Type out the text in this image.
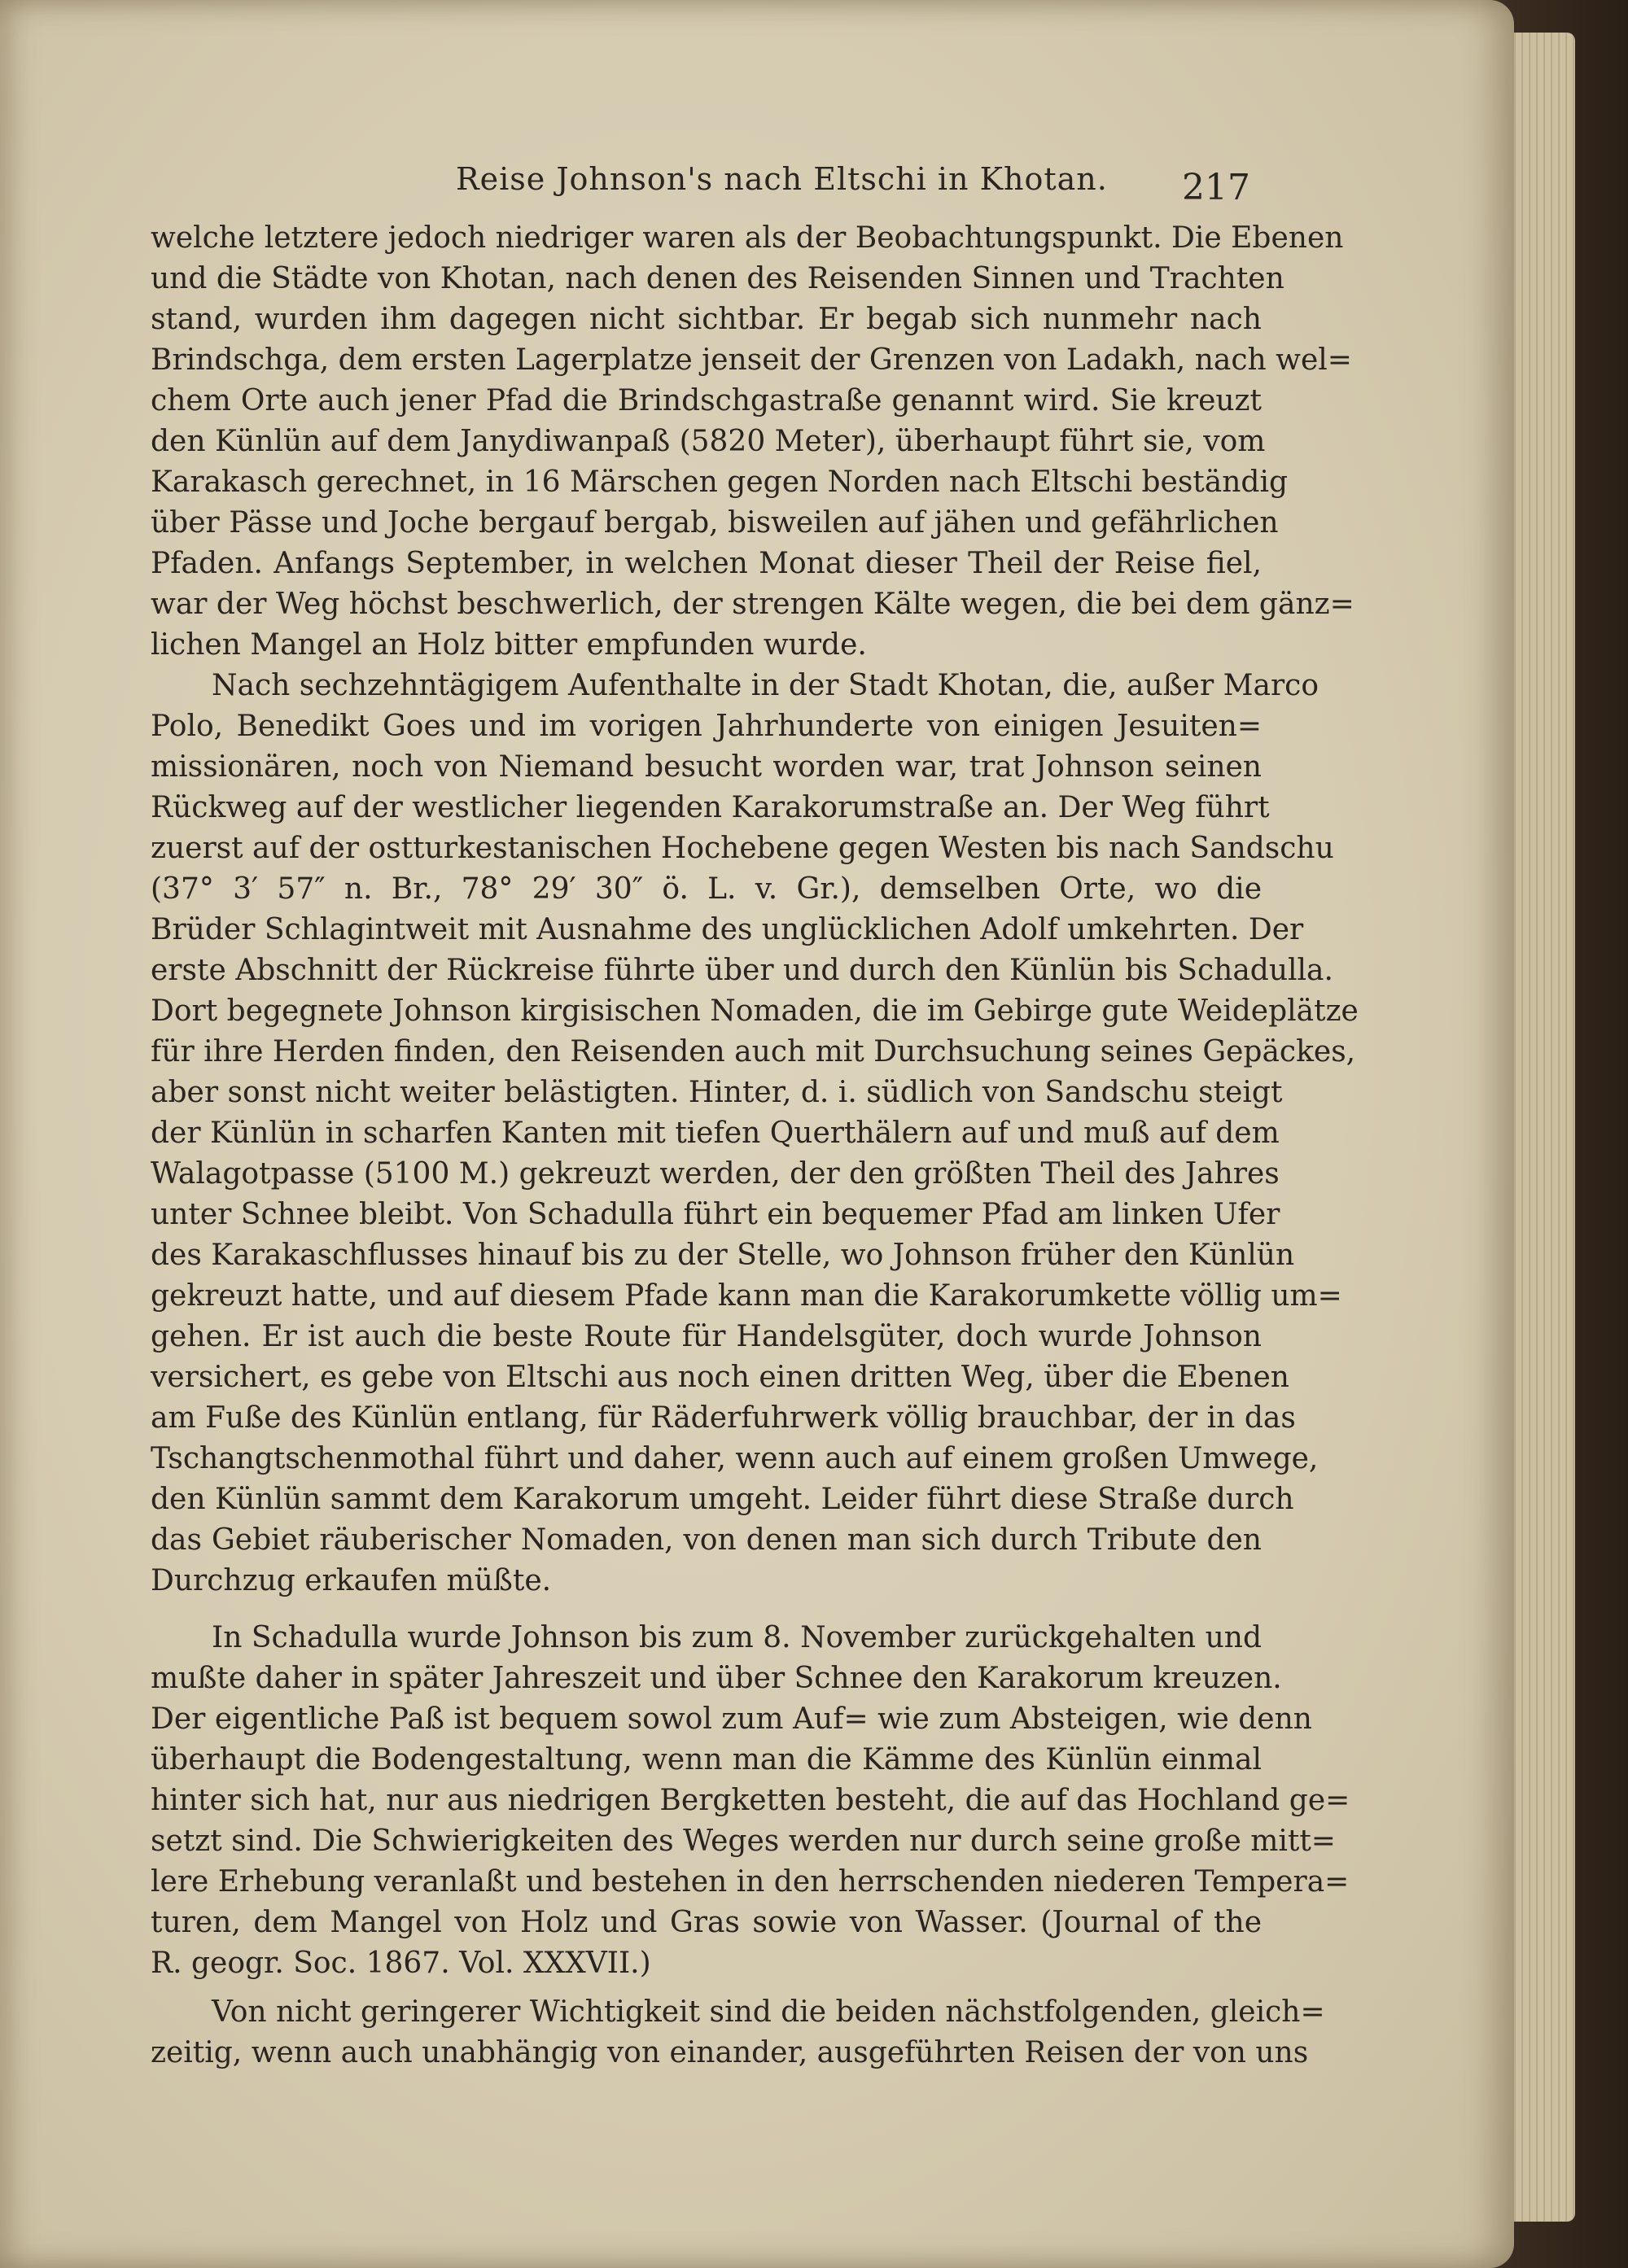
Reise Johnson's nach Eltschi in Khotan. 217
welche letztere jedoch niedriger waren als der Beobachtungspunkt. Die Ebenen
und die Städte von Khotan, nach denen des Reisenden Sinnen und Trachten
stand, wurden ihm dagegen nicht sichtbar. Er begab sich nunmehr nach
Brindschga, dem ersten Lagerplatze jenseit der Grenzen von Ladakh, nach wel=
chem Orte auch jener Pfad die Brindschgastraße genannt wird. Sie kreuzt
den Künlün auf dem Janydiwanpaß (5820 Meter), überhaupt führt sie, vom
Karakasch gerechnet, in 16 Märschen gegen Norden nach Eltschi beständig
über Pässe und Joche bergauf bergab, bisweilen auf jähen und gefährlichen
Pfaden. Anfangs September, in welchen Monat dieser Theil der Reise fiel,
war der Weg höchst beschwerlich, der strengen Kälte wegen, die bei dem gänz=
lichen Mangel an Holz bitter empfunden wurde.
Nach sechzehntägigem Aufenthalte in der Stadt Khotan, die, außer Marco
Polo, Benedikt Goes und im vorigen Jahrhunderte von einigen Jesuiten=
missionären, noch von Niemand besucht worden war, trat Johnson seinen
Rückweg auf der westlicher liegenden Karakorumstraße an. Der Weg führt
zuerst auf der ostturkestanischen Hochebene gegen Westen bis nach Sandschu
(37° 3′ 57″ n. Br., 78° 29′ 30″ ö. L. v. Gr.), demselben Orte, wo die
Brüder Schlagintweit mit Ausnahme des unglücklichen Adolf umkehrten. Der
erste Abschnitt der Rückreise führte über und durch den Künlün bis Schadulla.
Dort begegnete Johnson kirgisischen Nomaden, die im Gebirge gute Weideplätze
für ihre Herden finden, den Reisenden auch mit Durchsuchung seines Gepäckes,
aber sonst nicht weiter belästigten. Hinter, d. i. südlich von Sandschu steigt
der Künlün in scharfen Kanten mit tiefen Querthälern auf und muß auf dem
Walagotpasse (5100 M.) gekreuzt werden, der den größten Theil des Jahres
unter Schnee bleibt. Von Schadulla führt ein bequemer Pfad am linken Ufer
des Karakaschflusses hinauf bis zu der Stelle, wo Johnson früher den Künlün
gekreuzt hatte, und auf diesem Pfade kann man die Karakorumkette völlig um=
gehen. Er ist auch die beste Route für Handelsgüter, doch wurde Johnson
versichert, es gebe von Eltschi aus noch einen dritten Weg, über die Ebenen
am Fuße des Künlün entlang, für Räderfuhrwerk völlig brauchbar, der in das
Tschangtschenmothal führt und daher, wenn auch auf einem großen Umwege,
den Künlün sammt dem Karakorum umgeht. Leider führt diese Straße durch
das Gebiet räuberischer Nomaden, von denen man sich durch Tribute den
Durchzug erkaufen müßte.
In Schadulla wurde Johnson bis zum 8. November zurückgehalten und
mußte daher in später Jahreszeit und über Schnee den Karakorum kreuzen.
Der eigentliche Paß ist bequem sowol zum Auf= wie zum Absteigen, wie denn
überhaupt die Bodengestaltung, wenn man die Kämme des Künlün einmal
hinter sich hat, nur aus niedrigen Bergketten besteht, die auf das Hochland ge=
setzt sind. Die Schwierigkeiten des Weges werden nur durch seine große mitt=
lere Erhebung veranlaßt und bestehen in den herrschenden niederen Tempera=
turen, dem Mangel von Holz und Gras sowie von Wasser. (Journal of the
R. geogr. Soc. 1867. Vol. XXXVII.)
Von nicht geringerer Wichtigkeit sind die beiden nächstfolgenden, gleich=
zeitig, wenn auch unabhängig von einander, ausgeführten Reisen der von uns
